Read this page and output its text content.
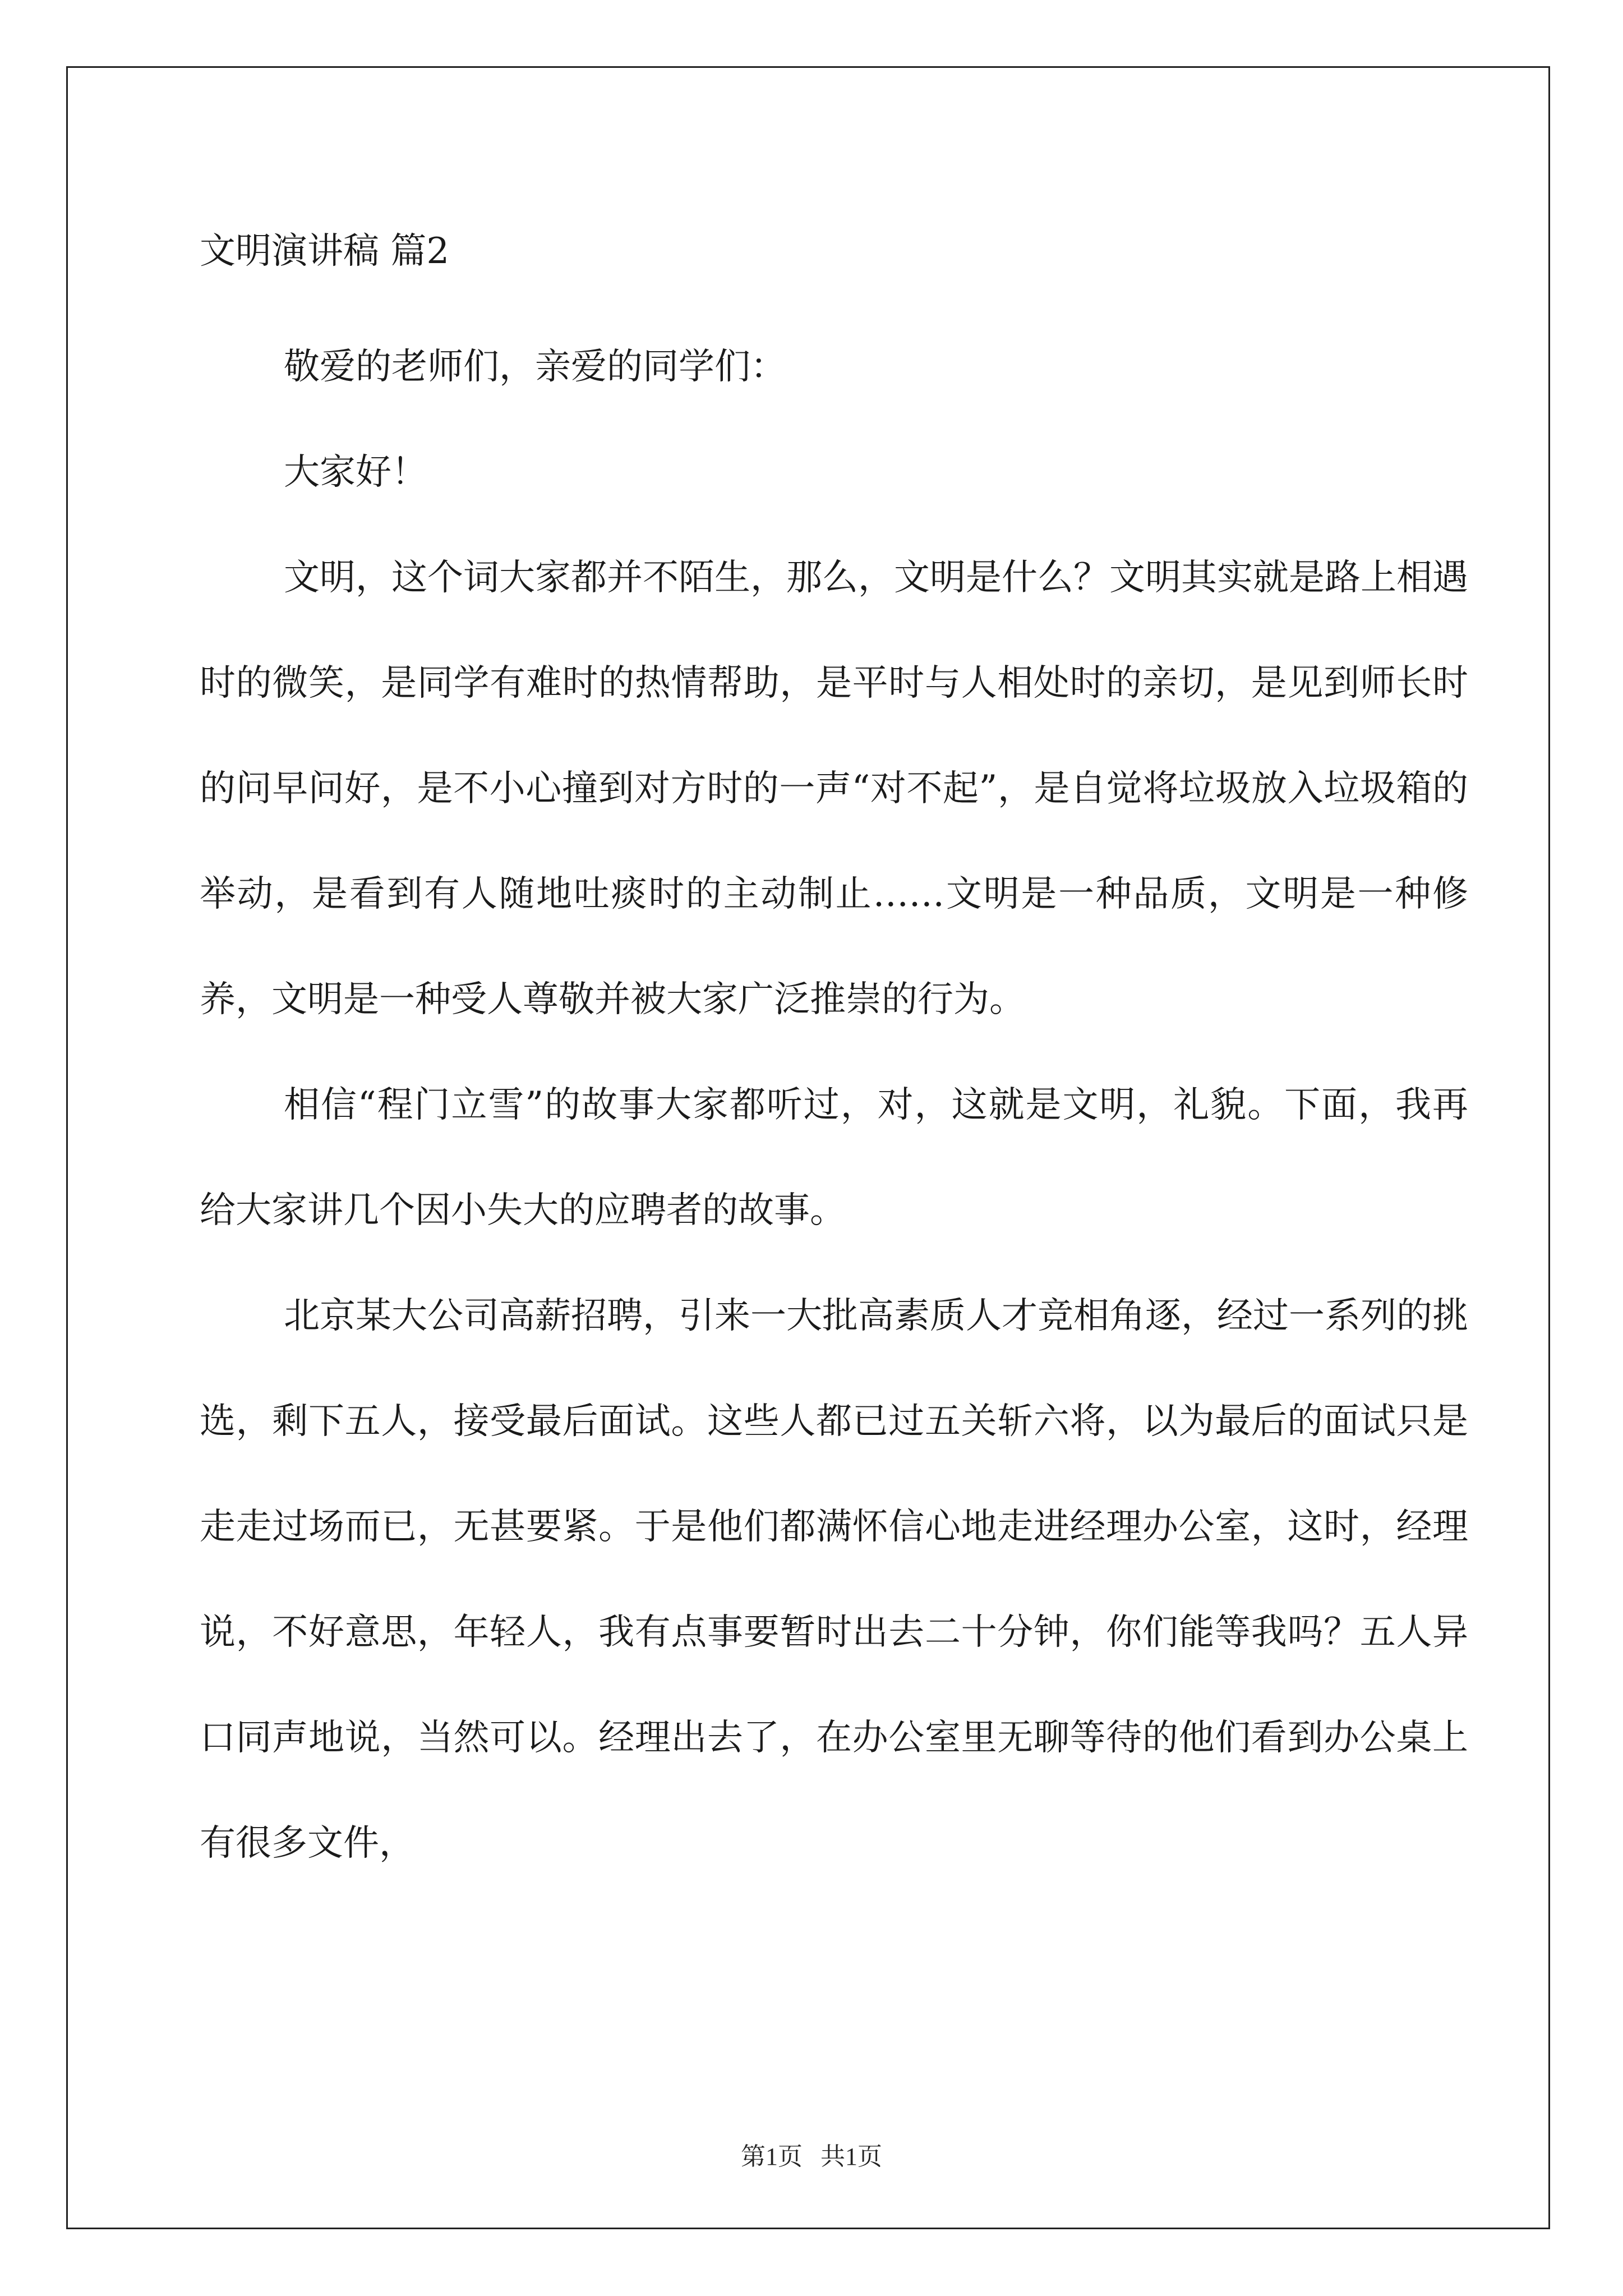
文明演讲稿 篇2

敬爱的老师们，亲爱的同学们：

大家好！

文明，这个词大家都并不陌生，那么，文明是什么？文明其实就是路上相遇时的微笑，是同学有难时的热情帮助，是平时与人相处时的亲切，是见到师长时的问早问好，是不小心撞到对方时的一声“对不起”，是自觉将垃圾放入垃圾箱的举动，是看到有人随地吐痰时的主动制止……文明是一种品质，文明是一种修养，文明是一种受人尊敬并被大家广泛推崇的行为。

相信“程门立雪”的故事大家都听过，对，这就是文明，礼貌。下面，我再给大家讲几个因小失大的应聘者的故事。

北京某大公司高薪招聘，引来一大批高素质人才竞相角逐，经过一系列的挑选，剩下五人，接受最后面试。这些人都已过五关斩六将，以为最后的面试只是走走过场而已，无甚要紧。于是他们都满怀信心地走进经理办公室，这时，经理说，不好意思，年轻人，我有点事要暂时出去二十分钟，你们能等我吗？五人异口同声地说，当然可以。经理出去了，在办公室里无聊等待的他们看到办公桌上有很多文件，

第1页 共1页
